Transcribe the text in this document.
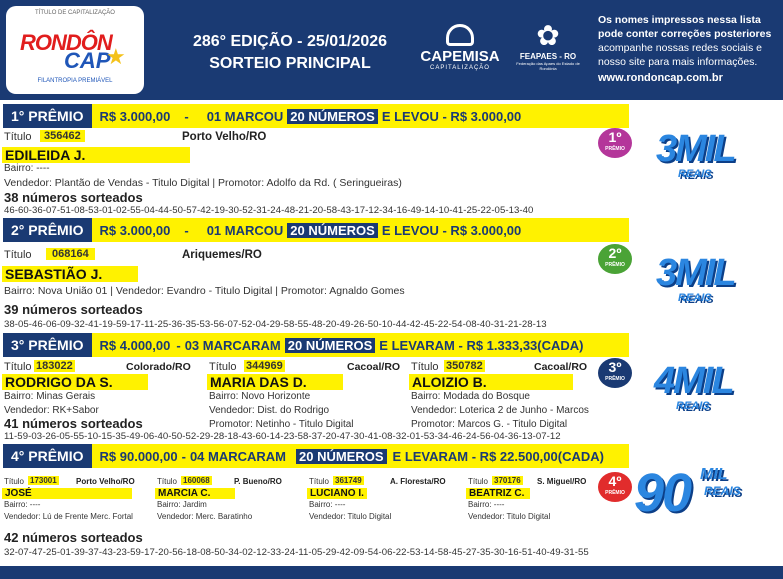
TÍTULO DE CAPITALIZAÇÃO
RONDÔN
CAP
★
FILANTROPIA PREMIÁVEL
286° EDIÇÃO - 25/01/2026
SORTEIO PRINCIPAL	CAPEMISA
CAPITALIZAÇÃO
✿
FEAPAES - RO
Federação das Apaes do Estado de Rondônia
Os nomes impressos nessa lista pode conter correções posteriores
acompanhe nossas redes sociais e nosso site para mais informações.
www.rondoncap.com.br
1° PRÊMIO	R$ 3.000,00 - 01 MARCOU 20 NÚMEROS E LEVOU - R$ 3.000,00
Título	356462	Porto Velho/RO
EDILEIDA J.
Bairro: ----
Vendedor: Plantão de Vendas - Titulo Digital | Promotor: Adolfo da Rd. ( Seringueiras)
38 números sorteados
46-60-36-07-51-08-53-01-02-55-04-44-50-57-42-19-30-52-31-24-48-21-20-58-43-17-12-34-16-49-14-10-41-25-22-05-13-40
1º
PRÊMIO 3MIL
REAIS
2° PRÊMIO	R$ 3.000,00 - 01 MARCOU 20 NÚMEROS E LEVOU - R$ 3.000,00
Título	068164	Ariquemes/RO
SEBASTIÃO J.
Bairro: Nova União 01 | Vendedor: Evandro - Titulo Digital | Promotor: Agnaldo Gomes
39 números sorteados
38-05-46-06-09-32-41-19-59-17-11-25-36-35-53-56-07-52-04-29-58-55-48-20-49-26-50-10-44-42-45-22-54-08-40-31-21-28-13
2º
PRÊMIO 3MIL
REAIS
3° PRÊMIO	R$ 4.000,00 - 03 MARCARAM 20 NÚMEROS E LEVARAM - R$ 1.333,33(CADA)
Título 183022	Colorado/RO
RODRIGO DA S.
Bairro: Minas Gerais
Vendedor: RK+Sabor
Título 344969	Cacoal/RO
MARIA DAS D.
Bairro: Novo Horizonte
Vendedor: Dist. do Rodrigo
Promotor: Netinho - Titulo Digital
Título 350782	Cacoal/RO
ALOIZIO B.
Bairro: Modada do Bosque
Vendedor: Loterica 2 de Junho - Marcos
Promotor: Marcos G. - Titulo Digital
41 números sorteados
11-59-03-26-05-55-10-15-35-49-06-40-50-52-29-28-18-43-60-14-23-58-37-20-47-30-41-08-32-01-53-34-46-24-56-04-36-13-07-12
3º
PRÊMIO 4MIL
REAIS
4° PRÊMIO	R$ 90.000,00 - 04 MARCARAM 20 NÚMEROS E LEVARAM - R$ 22.500,00(CADA)
Título 173001 Porto Velho/RO
JOSÉ
Bairro: ----
Vendedor: Lú de Frente Merc. Fortal
Título 160068	P. Bueno/RO
MARCIA C.
Bairro: Jardim
Vendedor: Merc. Baratinho
Título 361749	A. Floresta/RO
LUCIANO I.
Bairro: ----
Vendedor: Titulo Digital
Título 370176 S. Miguel/RO
BEATRIZ C.
Bairro: ----
Vendedor: Titulo Digital
42 números sorteados
32-07-47-25-01-39-37-43-23-59-17-20-56-18-08-50-34-02-12-33-24-11-05-29-42-09-54-06-22-53-14-58-45-27-35-30-16-51-40-49-31-55
4º
PRÊMIO 90 MIL
REAIS
